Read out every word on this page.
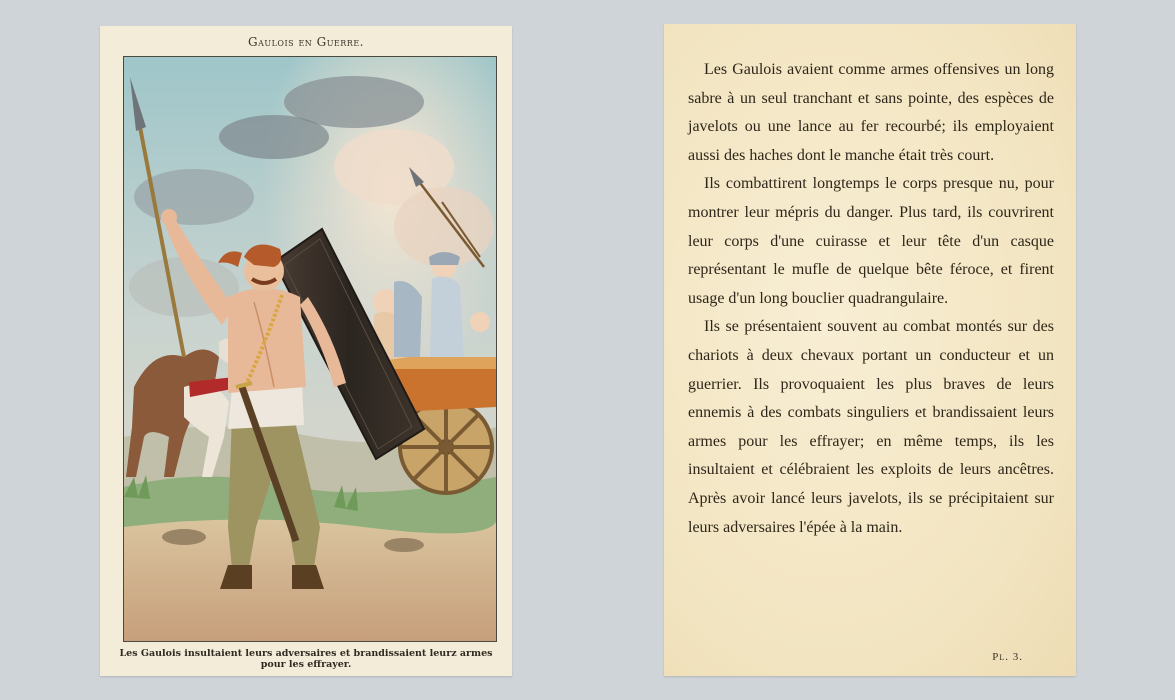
Gaulois en Guerre.
Les Gaulois insultaient leurs adversaires et brandissaient leurz armes pour les effrayer.

Les Gaulois avaient comme armes offensives un long sabre à un seul tranchant et sans pointe, des espèces de javelots ou une lance au fer recourbé; ils employaient aussi des haches dont le manche était très court.

Ils combattirent longtemps le corps presque nu, pour montrer leur mépris du danger. Plus tard, ils couvrirent leur corps d'une cuirasse et leur tête d'un casque représentant le mufle de quelque bête féroce, et firent usage d'un long bouclier quadrangulaire.

Ils se présentaient souvent au combat montés sur des chariots à deux chevaux portant un conducteur et un guerrier. Ils provoquaient les plus braves de leurs ennemis à des combats singuliers et brandissaient leurs armes pour les effrayer; en même temps, ils les insultaient et célébraient les exploits de leurs ancêtres. Après avoir lancé leurs javelots, ils se précipitaient sur leurs adversaires l'épée à la main.

Pl. 3.
